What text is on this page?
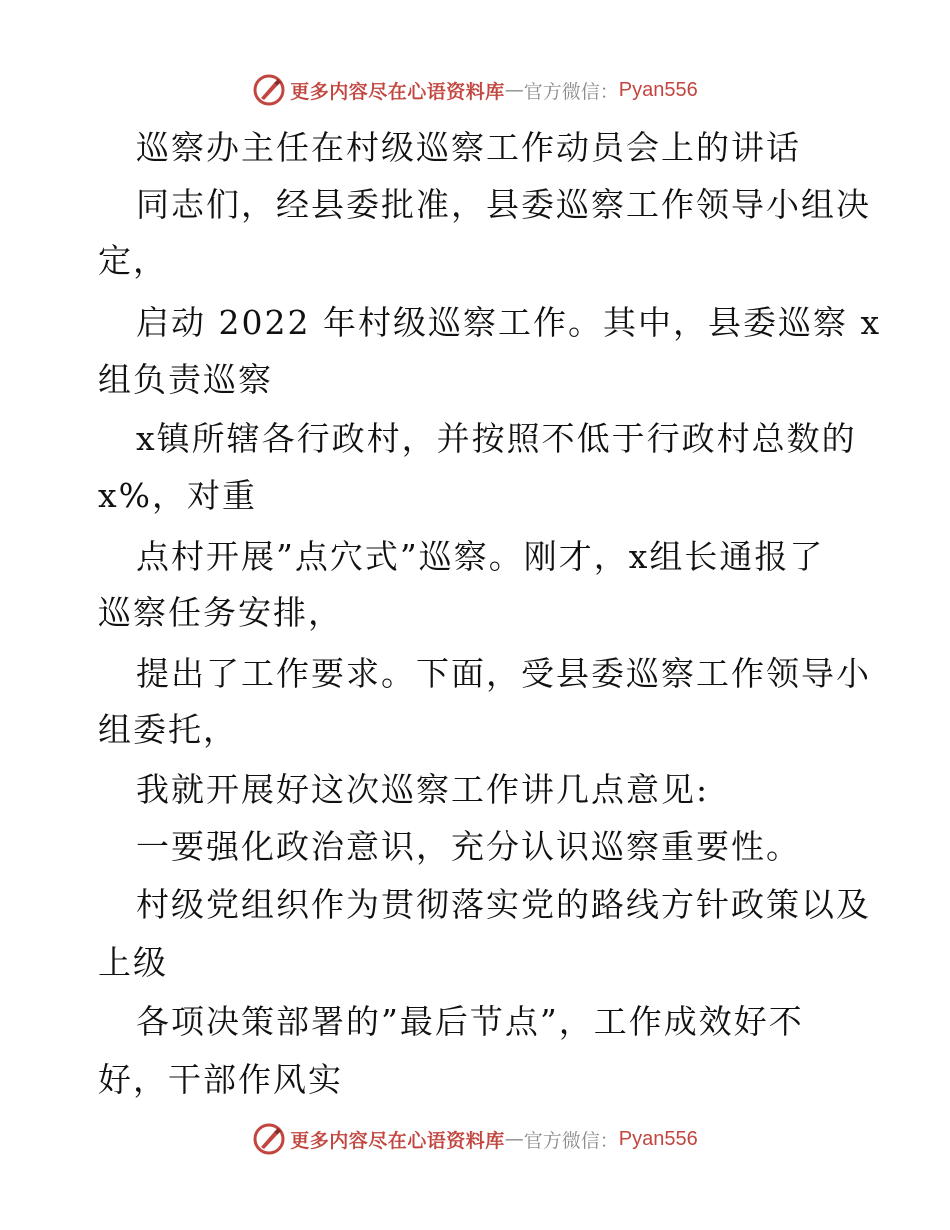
更多内容尽在心语资料库 — 官方微信： Pyan556
巡察办主任在村级巡察工作动员会上的讲话
同志们，经县委批准，县委巡察工作领导小组决
定，
启动 2022 年村级巡察工作。其中，县委巡察 x
组负责巡察
x镇所辖各行政村，并按照不低于行政村总数的
x%，对重
点村开展”点穴式”巡察。刚才，x组长通报了
巡察任务安排，
提出了工作要求。下面，受县委巡察工作领导小
组委托，
我就开展好这次巡察工作讲几点意见:
一要强化政治意识，充分认识巡察重要性。
村级党组织作为贯彻落实党的路线方针政策以及
上级
各项决策部署的”最后节点”，工作成效好不
好，干部作风实
更多内容尽在心语资料库 — 官方微信： Pyan556
